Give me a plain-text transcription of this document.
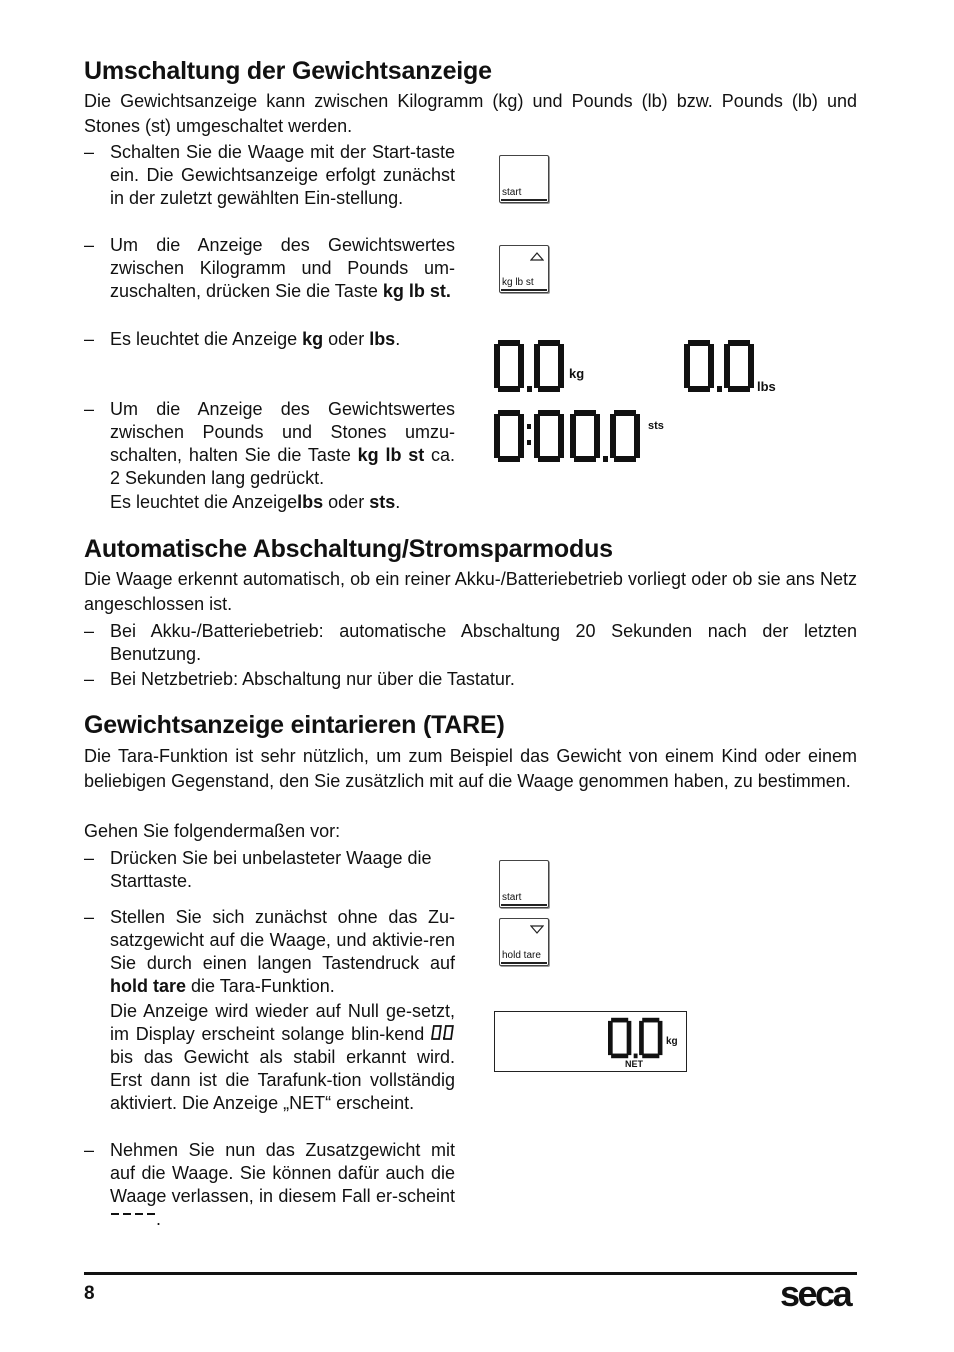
Umschaltung der Gewichtsanzeige

Die Gewichtsanzeige kann zwischen Kilogramm (kg) und Pounds (lb) bzw. Pounds (lb) und Stones (st) umgeschaltet werden.

– Schalten Sie die Waage mit der Start-taste ein. Die Gewichtsanzeige erfolgt zunächst in der zuletzt gewählten Ein-stellung.
– Um die Anzeige des Gewichtswertes zwischen Kilogramm und Pounds um-zuschalten, drücken Sie die Taste kg lb st.
– Es leuchtet die Anzeige kg oder lbs.
– Um die Anzeige des Gewichtswertes zwischen Pounds und Stones umzu-schalten, halten Sie die Taste kg lb st ca. 2 Sekunden lang gedrückt.
Es leuchtet die Anzeigelbs oder sts.
start
kg lb st
kg
lbs
sts
Automatische Abschaltung/Stromsparmodus

Die Waage erkennt automatisch, ob ein reiner Akku-/Batteriebetrieb vorliegt oder ob sie ans Netz angeschlossen ist.

– Bei Akku-/Batteriebetrieb: automatische Abschaltung 20 Sekunden nach der letzten Benutzung.
– Bei Netzbetrieb: Abschaltung nur über die Tastatur.
Gewichtsanzeige eintarieren (TARE)

Die Tara-Funktion ist sehr nützlich, um zum Beispiel das Gewicht von einem Kind oder einem beliebigen Gegenstand, den Sie zusätzlich mit auf die Waage genommen haben, zu bestimmen.

Gehen Sie folgendermaßen vor:

– Drücken Sie bei unbelasteter Waage die Starttaste.
– Stellen Sie sich zunächst ohne das Zu-satzgewicht auf die Waage, und aktivie-ren Sie durch einen langen Tastendruck auf hold tare die Tara-Funktion.
Die Anzeige wird wieder auf Null ge-setzt, im Display erscheint solange blin-kend  bis das Gewicht als stabil erkannt wird. Erst dann ist die Tarafunk-tion vollständig aktiviert. Die Anzeige „NET“ erscheint.
– Nehmen Sie nun das Zusatzgewicht mit auf die Waage. Sie können dafür auch die Waage verlassen, in diesem Fall er-scheint .
start
hold tare
kg
NET
8	seca
